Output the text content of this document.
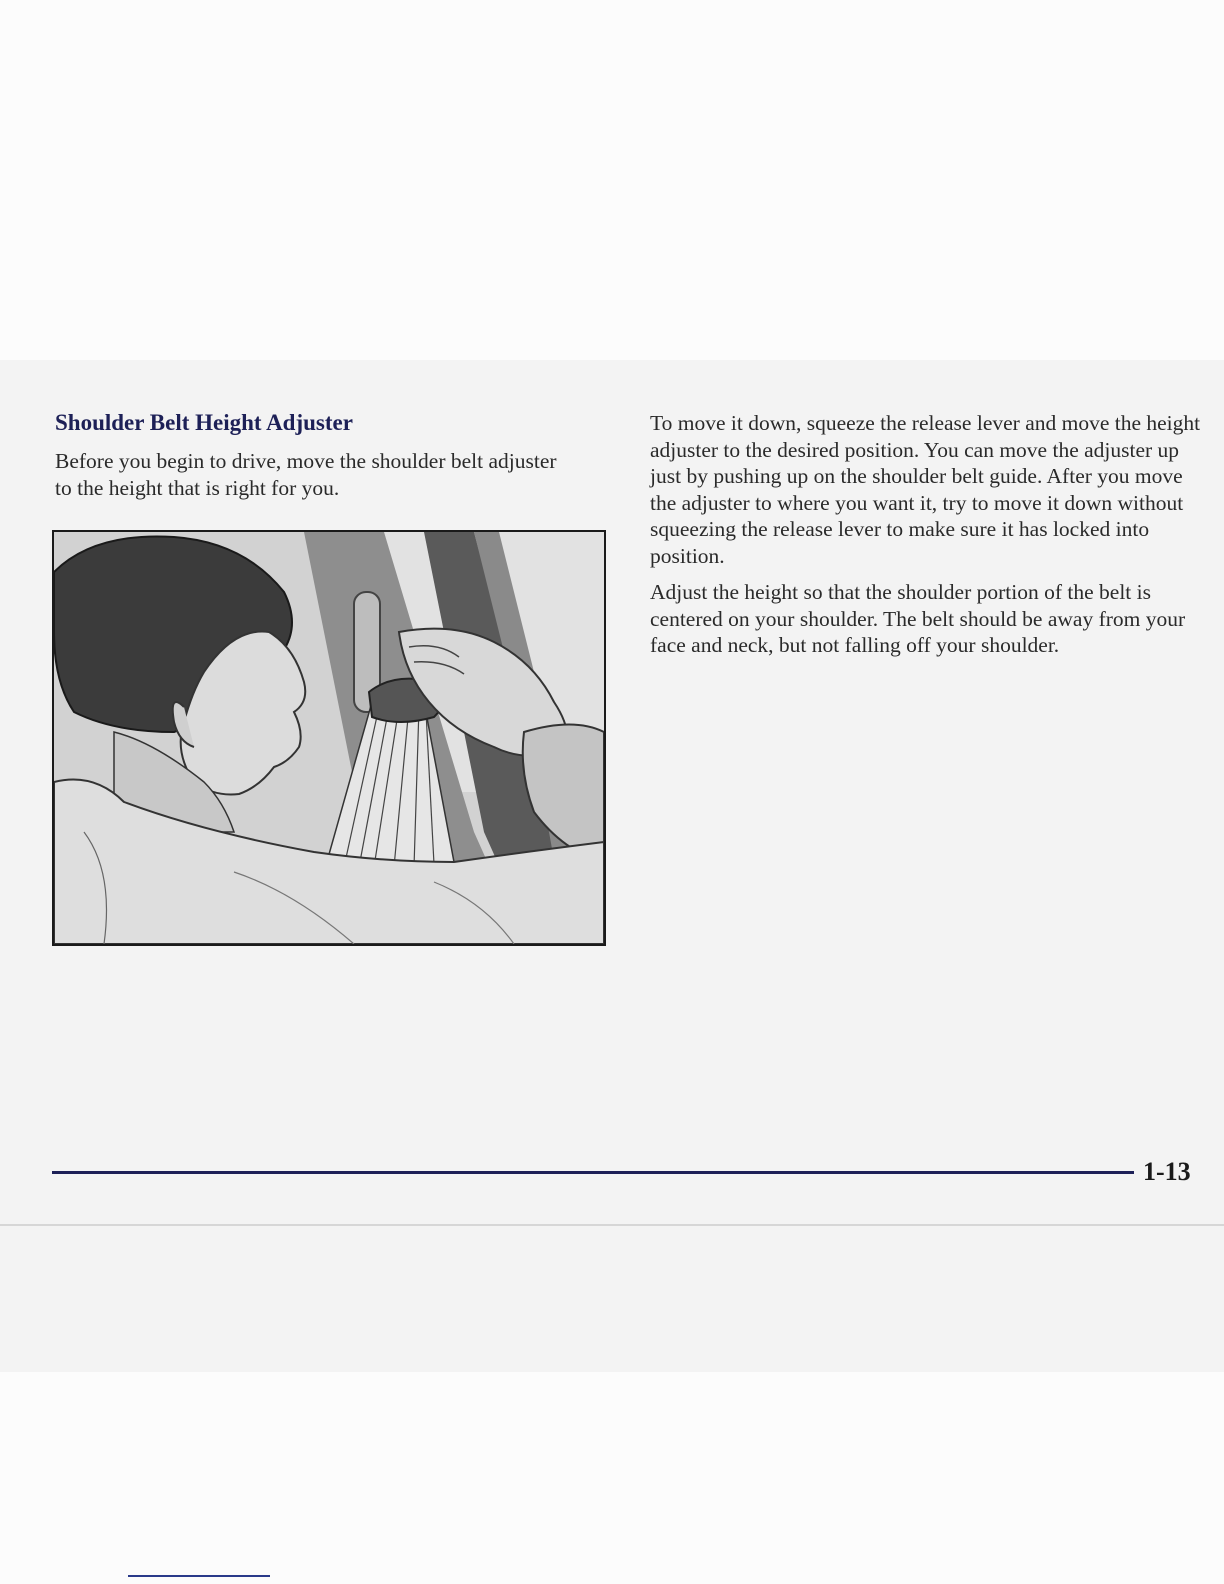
Shoulder Belt Height Adjuster

Before you begin to drive, move the shoulder belt adjuster to the height that is right for you.

To move it down, squeeze the release lever and move the height adjuster to the desired position. You can move the adjuster up just by pushing up on the shoulder belt guide. After you move the adjuster to where you want it, try to move it down without squeezing the release lever to make sure it has locked into position.

Adjust the height so that the shoulder portion of the belt is centered on your shoulder. The belt should be away from your face and neck, but not falling off your shoulder.

1-13
